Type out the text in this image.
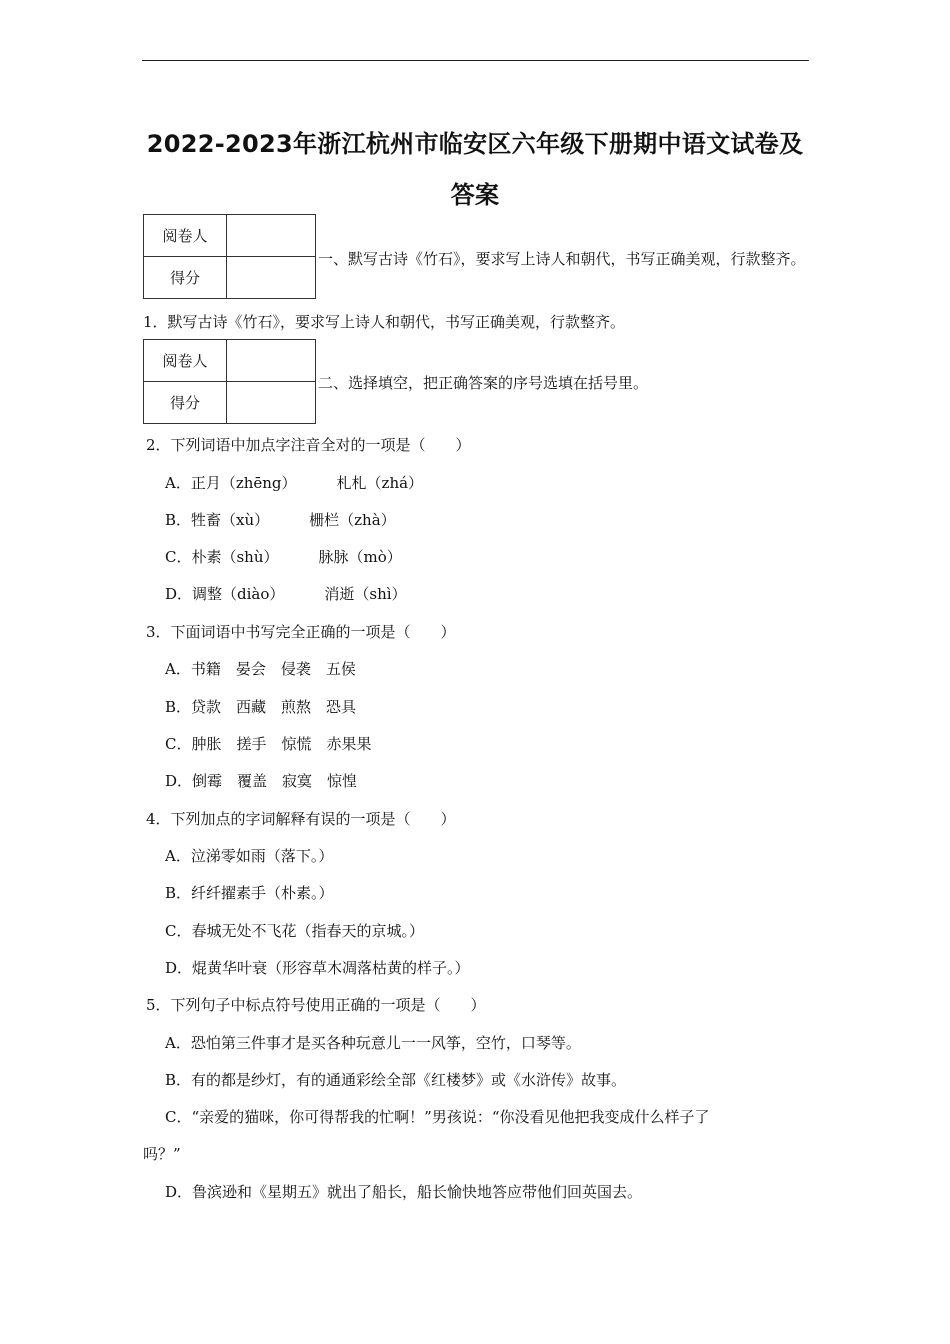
2022-2023年浙江杭州市临安区六年级下册期中语文试卷及
答案
阅卷人	
得分	
一、默写古诗《竹石》，要求写上诗人和朝代，书写正确美观，行款整齐。
1．默写古诗《竹石》，要求写上诗人和朝代，书写正确美观，行款整齐。
阅卷人	
得分	
二、选择填空，把正确答案的序号选填在括号里。
2．下列词语中加点字注音全对的一项是（　　）
A．正月（zhēng）	札札（zhá）
B．牲畜（xù）	栅栏（zhà）
C．朴素（shù）	脉脉（mò）
D．调整（diào）	消逝（shì）
3．下面词语中书写完全正确的一项是（　　）
A．书籍　晏会　侵袭　五侯
B．贷款　西藏　煎熬　恐具
C．肿胀　搓手　惊慌　赤果果
D．倒霉　覆盖　寂寞　惊惶
4．下列加点的字词解释有误的一项是（　　）
A．泣涕零如雨（落下。）
B．纤纤擢素手（朴素。）
C．春城无处不飞花（指春天的京城。）
D．焜黄华叶衰（形容草木凋落枯黄的样子。）
5．下列句子中标点符号使用正确的一项是（　　）
A．恐怕第三件事才是买各种玩意儿一一风筝，空竹，口琴等。
B．有的都是纱灯，有的通通彩绘全部《红楼梦》或《水浒传》故事。
C．“亲爱的猫咪，你可得帮我的忙啊！”男孩说：“你没看见他把我变成什么样子了
吗？”
D．鲁滨逊和《星期五》就出了船长，船长愉快地答应带他们回英国去。
